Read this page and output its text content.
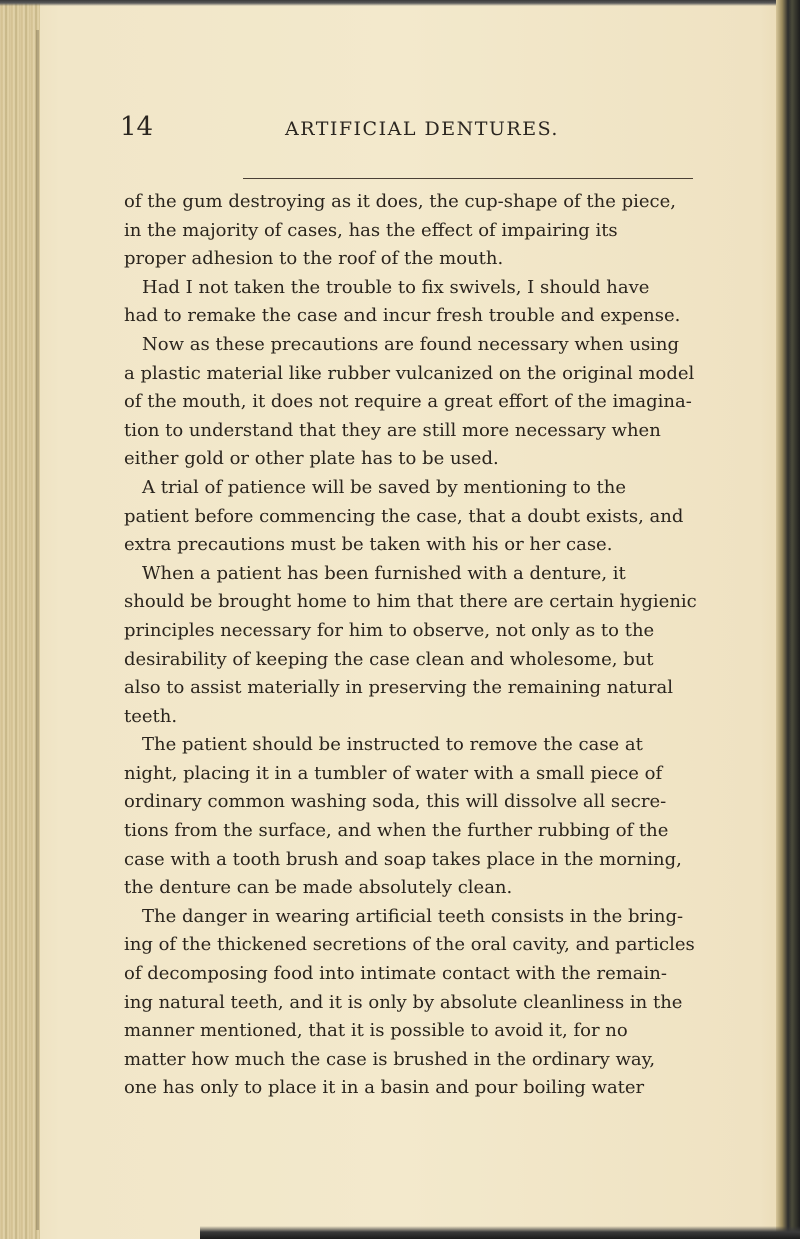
14	ARTIFICIAL DENTURES.
of the gum destroying as it does, the cup-shape of the piece,
in the majority of cases, has the effect of impairing its
proper adhesion to the roof of the mouth.
Had I not taken the trouble to fix swivels, I should have
had to remake the case and incur fresh trouble and expense.
Now as these precautions are found necessary when using
a plastic material like rubber vulcanized on the original model
of the mouth, it does not require a great effort of the imagina-
tion to understand that they are still more necessary when
either gold or other plate has to be used.
A trial of patience will be saved by mentioning to the
patient before commencing the case, that a doubt exists, and
extra precautions must be taken with his or her case.
When a patient has been furnished with a denture, it
should be brought home to him that there are certain hygienic
principles necessary for him to observe, not only as to the
desirability of keeping the case clean and wholesome, but
also to assist materially in preserving the remaining natural
teeth.
The patient should be instructed to remove the case at
night, placing it in a tumbler of water with a small piece of
ordinary common washing soda, this will dissolve all secre-
tions from the surface, and when the further rubbing of the
case with a tooth brush and soap takes place in the morning,
the denture can be made absolutely clean.
The danger in wearing artificial teeth consists in the bring-
ing of the thickened secretions of the oral cavity, and particles
of decomposing food into intimate contact with the remain-
ing natural teeth, and it is only by absolute cleanliness in the
manner mentioned, that it is possible to avoid it, for no
matter how much the case is brushed in the ordinary way,
one has only to place it in a basin and pour boiling water
